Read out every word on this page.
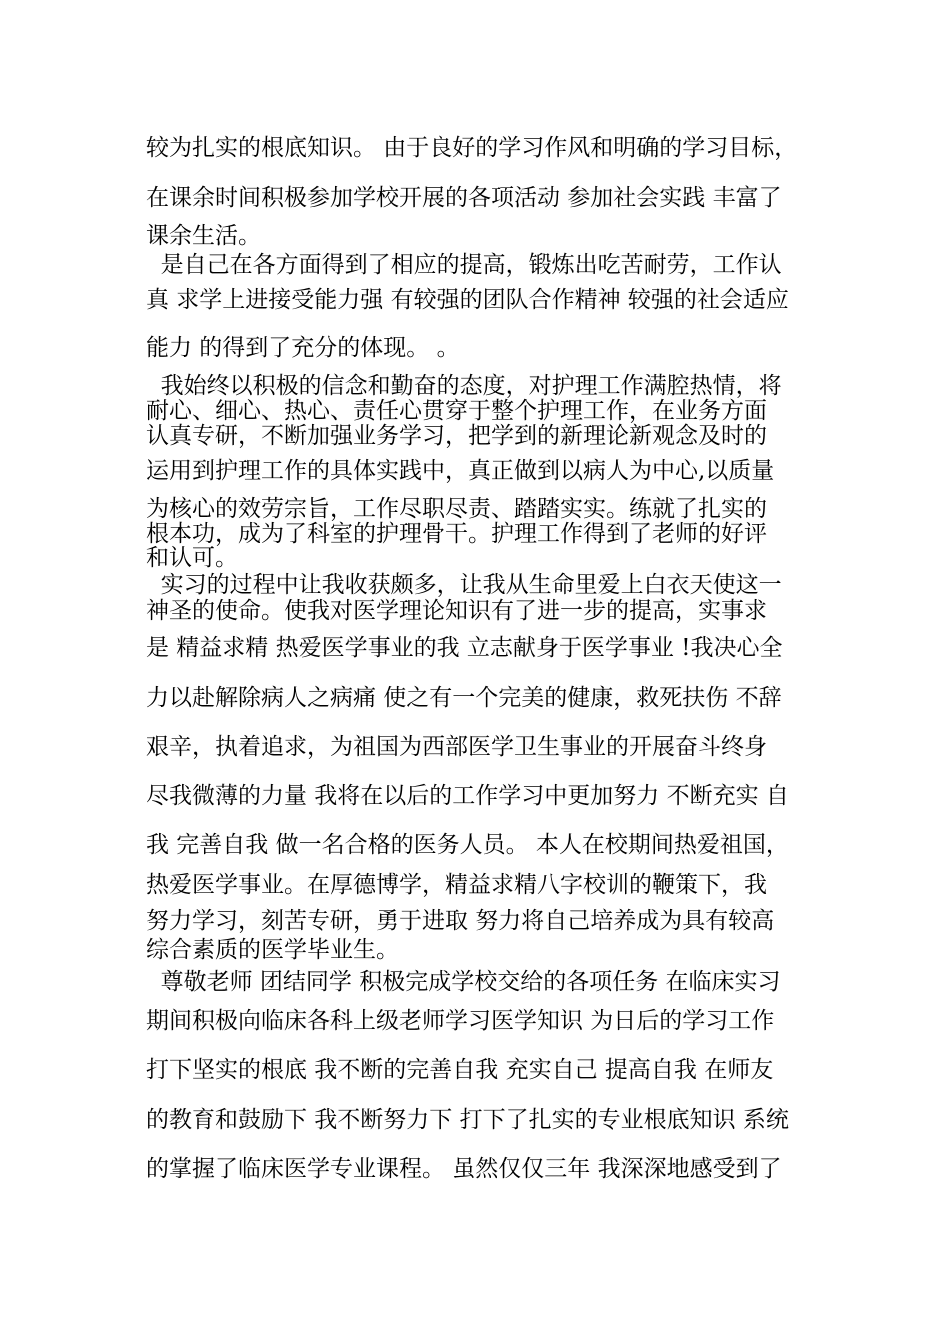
较为扎实的根底知识。 由于良好的学习作风和明确的学习目标，
在课余时间积极参加学校开展的各项活动 参加社会实践 丰富了
课余生活。
是自己在各方面得到了相应的提高，锻炼出吃苦耐劳，工作认
真 求学上进接受能力强 有较强的团队合作精神 较强的社会适应
能力 的得到了充分的体现。 。
我始终以积极的信念和勤奋的态度，对护理工作满腔热情，将
耐心、细心、热心、责任心贯穿于整个护理工作，在业务方面
认真专研，不断加强业务学习，把学到的新理论新观念及时的
运用到护理工作的具体实践中，真正做到以病人为中心,以质量
为核心的效劳宗旨，工作尽职尽责、踏踏实实。练就了扎实的
根本功，成为了科室的护理骨干。护理工作得到了老师的好评
和认可。
实习的过程中让我收获颇多，让我从生命里爱上白衣天使这一
神圣的使命。使我对医学理论知识有了进一步的提高，实事求
是 精益求精 热爱医学事业的我 立志献身于医学事业 !我决心全
力以赴解除病人之病痛 使之有一个完美的健康，救死扶伤 不辞
艰辛，执着追求，为祖国为西部医学卫生事业的开展奋斗终身
尽我微薄的力量 我将在以后的工作学习中更加努力 不断充实 自
我 完善自我 做一名合格的医务人员。 本人在校期间热爱祖国，
热爱医学事业。在厚德博学，精益求精八字校训的鞭策下，我
努力学习，刻苦专研，勇于进取 努力将自己培养成为具有较高
综合素质的医学毕业生。
尊敬老师 团结同学 积极完成学校交给的各项任务 在临床实习
期间积极向临床各科上级老师学习医学知识 为日后的学习工作
打下坚实的根底 我不断的完善自我 充实自己 提高自我 在师友
的教育和鼓励下 我不断努力下 打下了扎实的专业根底知识 系统
的掌握了临床医学专业课程。 虽然仅仅三年 我深深地感受到了
